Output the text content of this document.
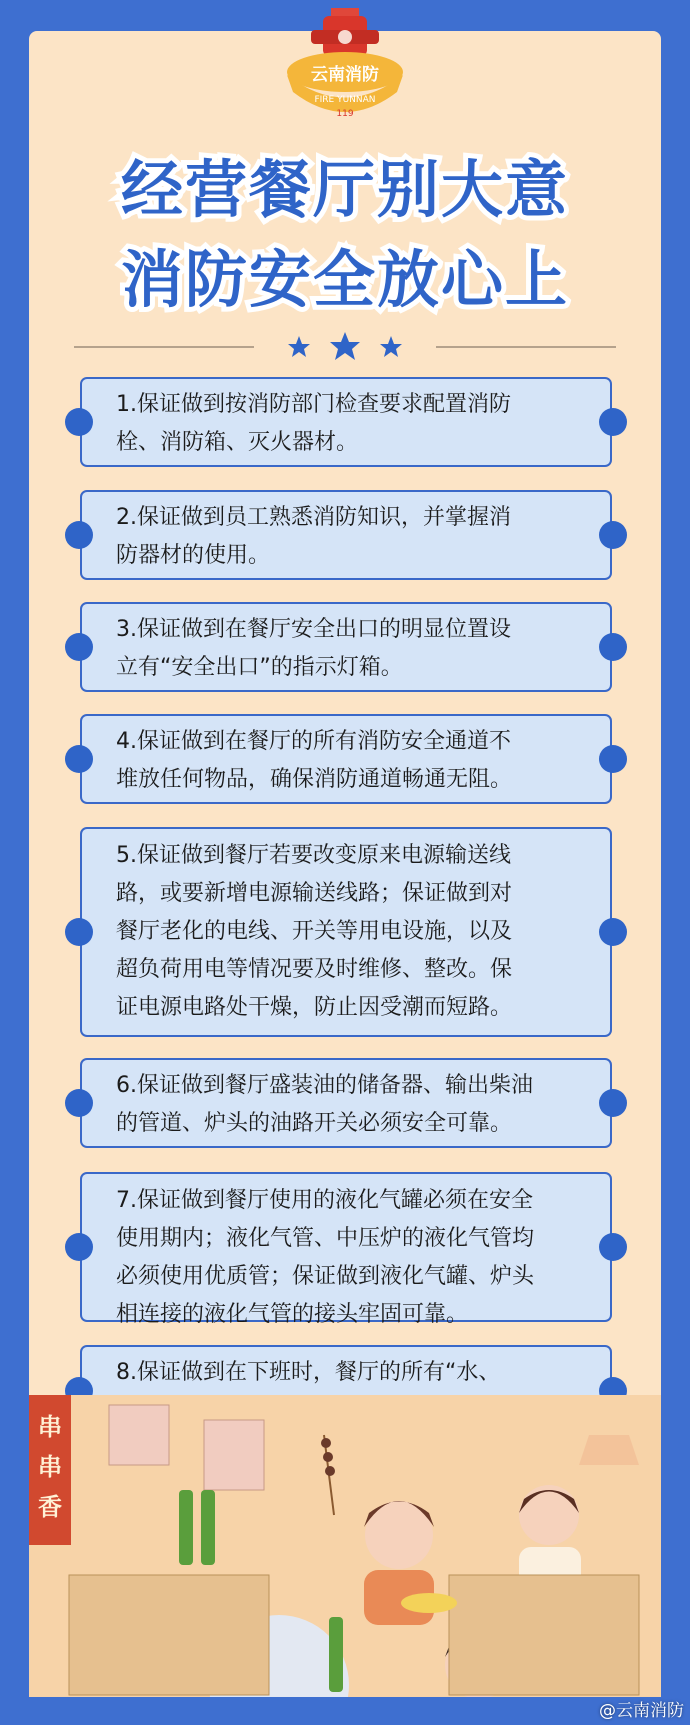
云南消防
FIRE YUNNAN
119
经营餐厅别大意
消防安全放心上
1.保证做到按消防部门检查要求配置消防
栓、消防箱、灭火器材。
2.保证做到员工熟悉消防知识，并掌握消
防器材的使用。
3.保证做到在餐厅安全出口的明显位置设
立有“安全出口”的指示灯箱。
4.保证做到在餐厅的所有消防安全通道不
堆放任何物品，确保消防通道畅通无阻。
5.保证做到餐厅若要改变原来电源输送线
路，或要新增电源输送线路；保证做到对
餐厅老化的电线、开关等用电设施，以及
超负荷用电等情况要及时维修、整改。保
证电源电路处干燥，防止因受潮而短路。
6.保证做到餐厅盛装油的储备器、输出柴油
的管道、炉头的油路开关必须安全可靠。
7.保证做到餐厅使用的液化气罐必须在安全
使用期内；液化气管、中压炉的液化气管均
必须使用优质管；保证做到液化气罐、炉头
相连接的液化气管的接头牢固可靠。
8.保证做到在下班时，餐厅的所有“水、

串
串
香
@云南消防
